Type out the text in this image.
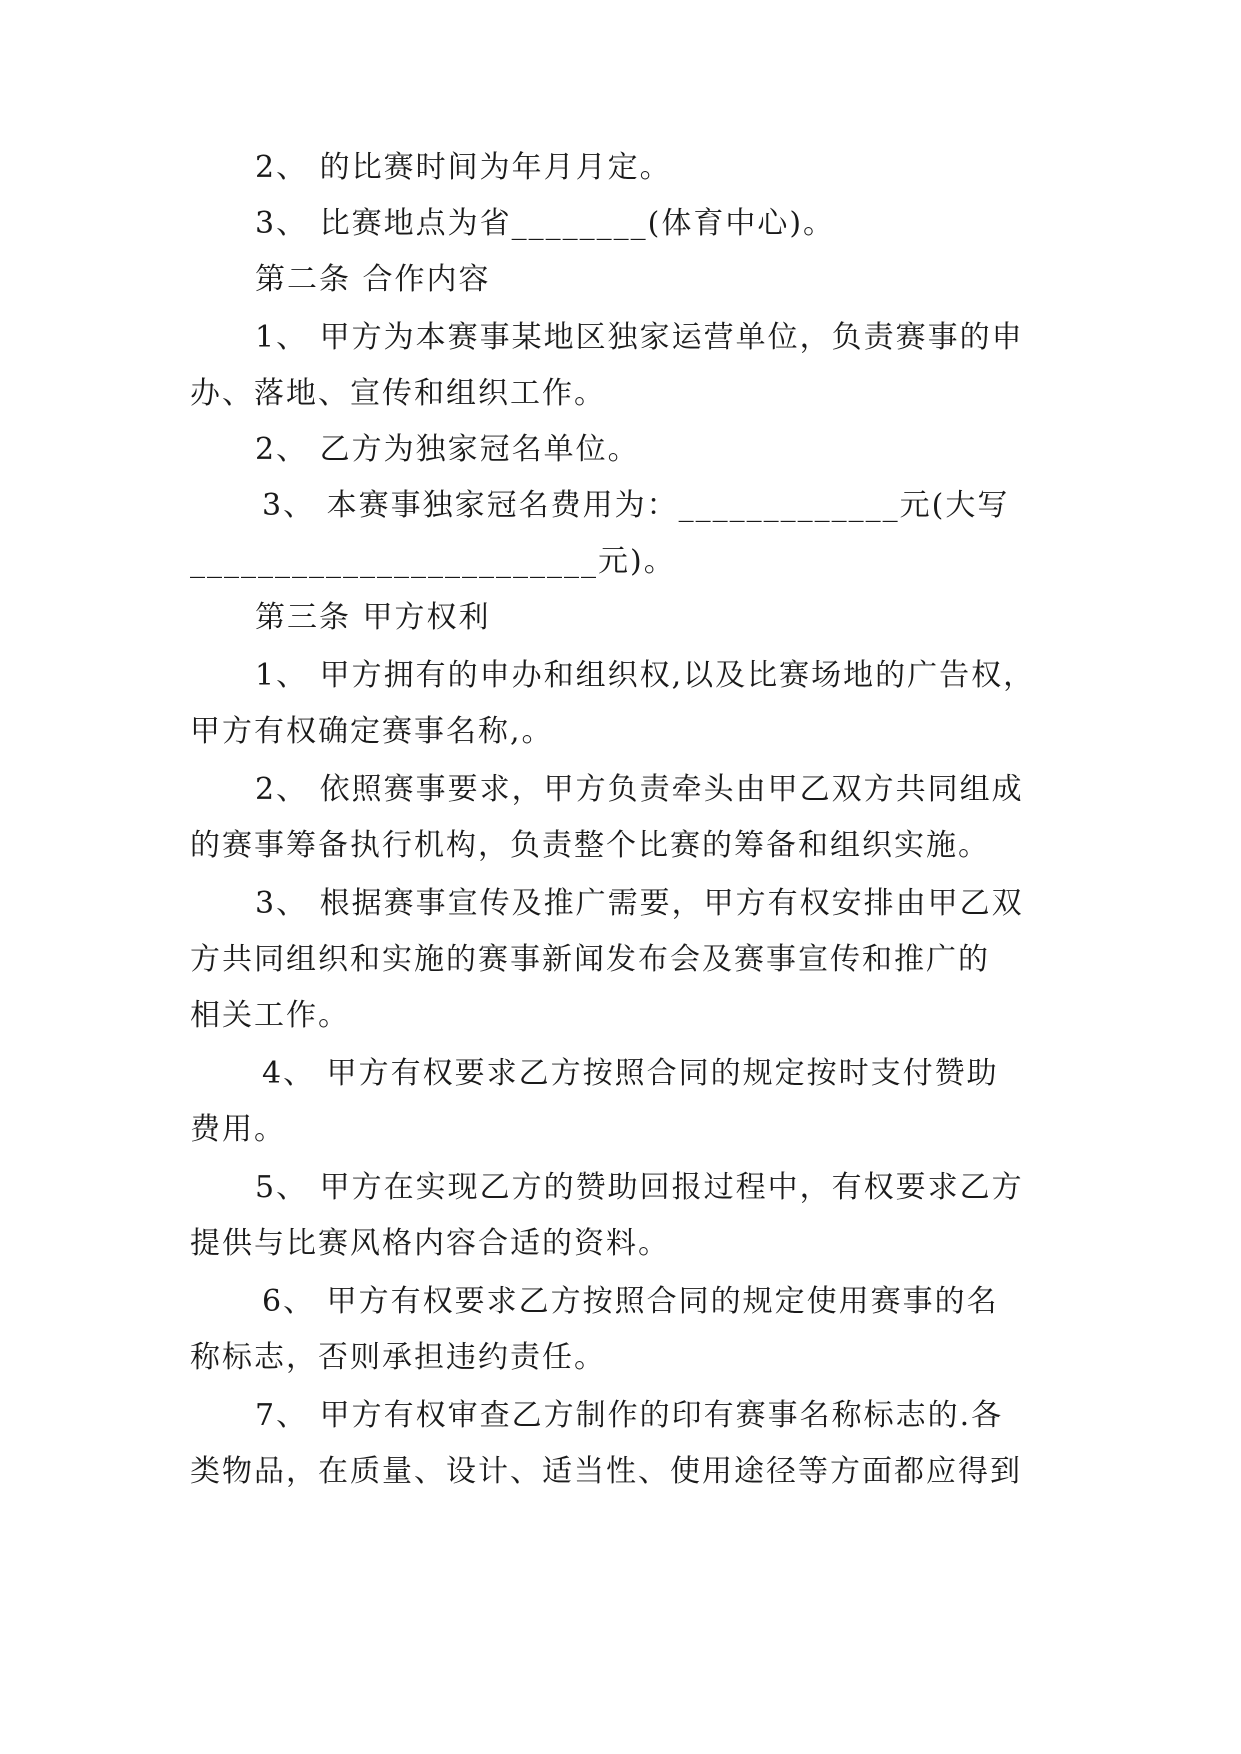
2、 的比赛时间为年月月定。
3、 比赛地点为省________(体育中心)。
第二条 合作内容
1、 甲方为本赛事某地区独家运营单位，负责赛事的申
办、落地、宣传和组织工作。
2、 乙方为独家冠名单位。
3、 本赛事独家冠名费用为：_____________元(大写
________________________元)。
第三条 甲方权利
1、 甲方拥有的申办和组织权,以及比赛场地的广告权，
甲方有权确定赛事名称,。
2、 依照赛事要求，甲方负责牵头由甲乙双方共同组成
的赛事筹备执行机构，负责整个比赛的筹备和组织实施。
3、 根据赛事宣传及推广需要，甲方有权安排由甲乙双
方共同组织和实施的赛事新闻发布会及赛事宣传和推广的
相关工作。
4、 甲方有权要求乙方按照合同的规定按时支付赞助
费用。
5、 甲方在实现乙方的赞助回报过程中，有权要求乙方
提供与比赛风格内容合适的资料。
6、 甲方有权要求乙方按照合同的规定使用赛事的名
称标志，否则承担违约责任。
7、 甲方有权审查乙方制作的印有赛事名称标志的.各
类物品，在质量、设计、适当性、使用途径等方面都应得到
